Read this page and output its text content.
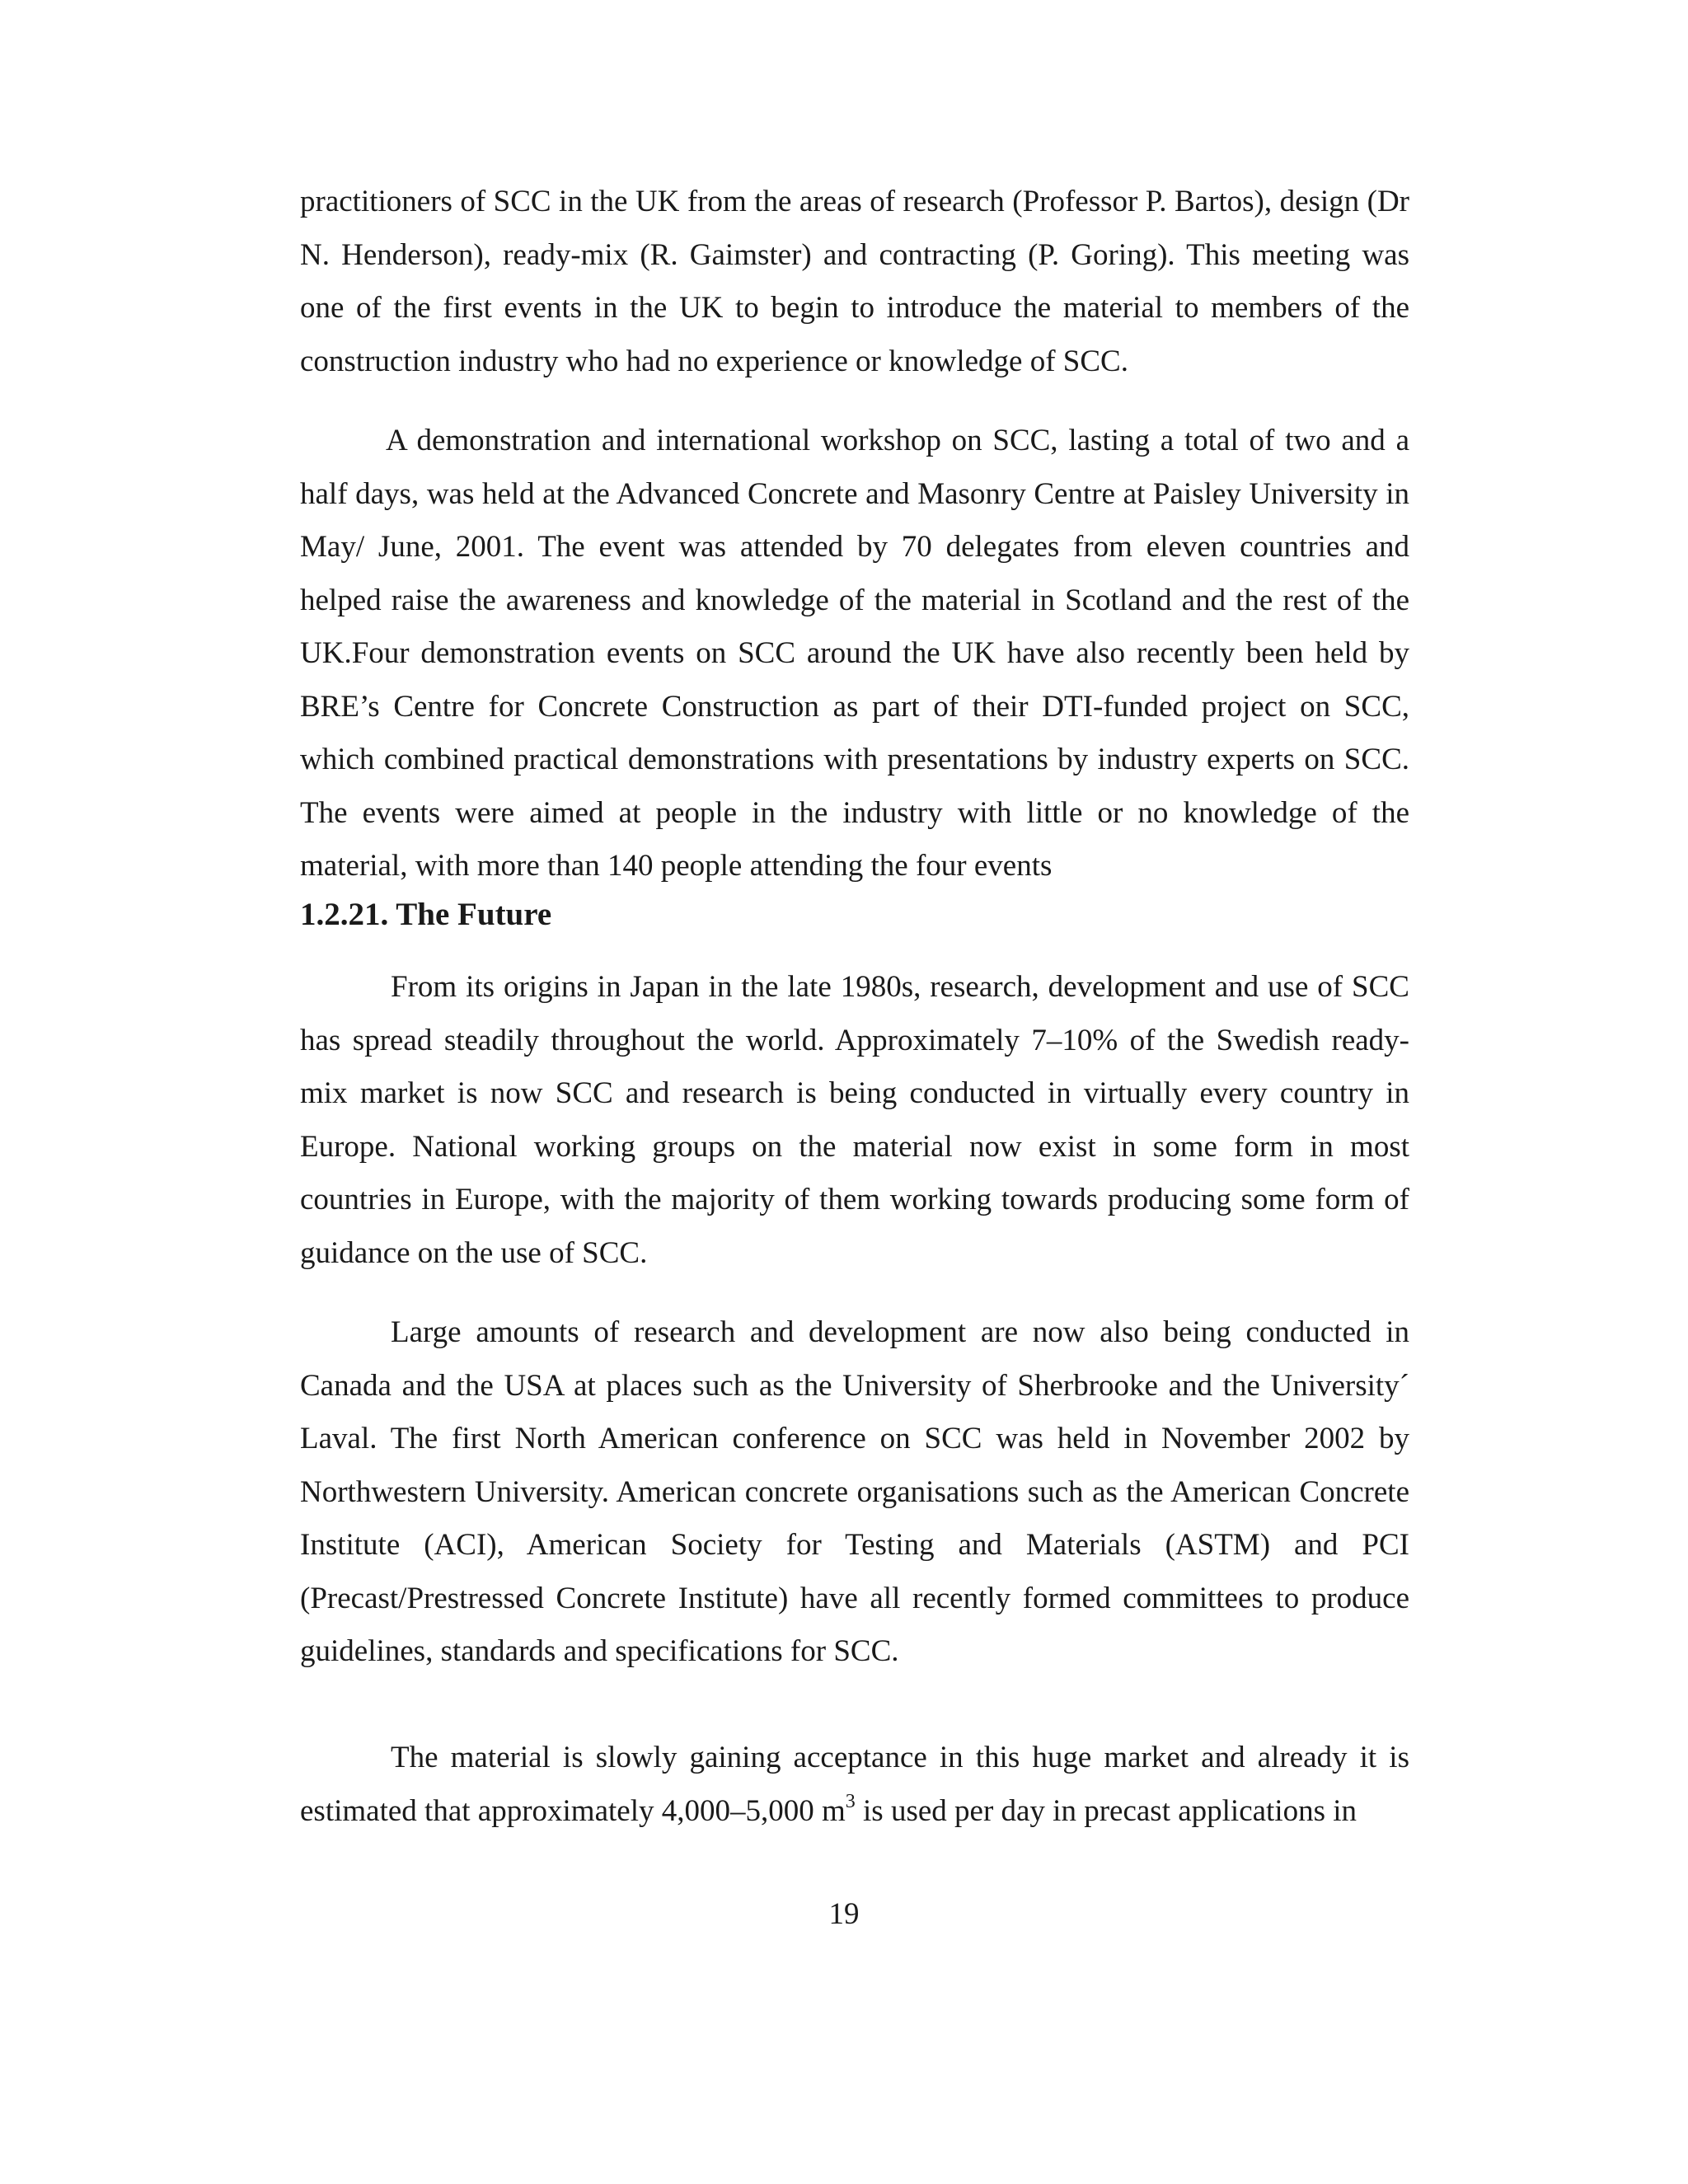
practitioners of SCC in the UK from the areas of research (Professor P. Bartos), design (Dr N. Henderson), ready-mix (R. Gaimster) and contracting (P. Goring). This meeting was one of the first events in the UK to begin to introduce the material to members of the construction industry who had no experience or knowledge of SCC.

A demonstration and international workshop on SCC, lasting a total of two and a half days, was held at the Advanced Concrete and Masonry Centre at Paisley University in May/ June, 2001. The event was attended by 70 delegates from eleven countries and helped raise the awareness and knowledge of the material in Scotland and the rest of the UK.Four demonstration events on SCC around the UK have also recently been held by BRE’s Centre for Concrete Construction as part of their DTI-funded project on SCC, which combined practical demonstrations with presentations by industry experts on SCC. The events were aimed at people in the industry with little or no knowledge of the material, with more than 140 people attending the four events

1.2.21. The Future

From its origins in Japan in the late 1980s, research, development and use of SCC has spread steadily throughout the world. Approximately 7–10% of the Swedish ready-mix market is now SCC and research is being conducted in virtually every country in Europe. National working groups on the material now exist in some form in most countries in Europe, with the majority of them working towards producing some form of guidance on the use of SCC.

Large amounts of research and development are now also being conducted in Canada and the USA at places such as the University of Sherbrooke and the University´ Laval. The first North American conference on SCC was held in November 2002 by Northwestern University. American concrete organisations such as the American Concrete Institute (ACI), American Society for Testing and Materials (ASTM) and PCI (Precast/Prestressed Concrete Institute) have all recently formed committees to produce guidelines, standards and specifications for SCC.

The material is slowly gaining acceptance in this huge market and already it is estimated that approximately 4,000–5,000 $m^3$ is used per day in precast applications in

19
